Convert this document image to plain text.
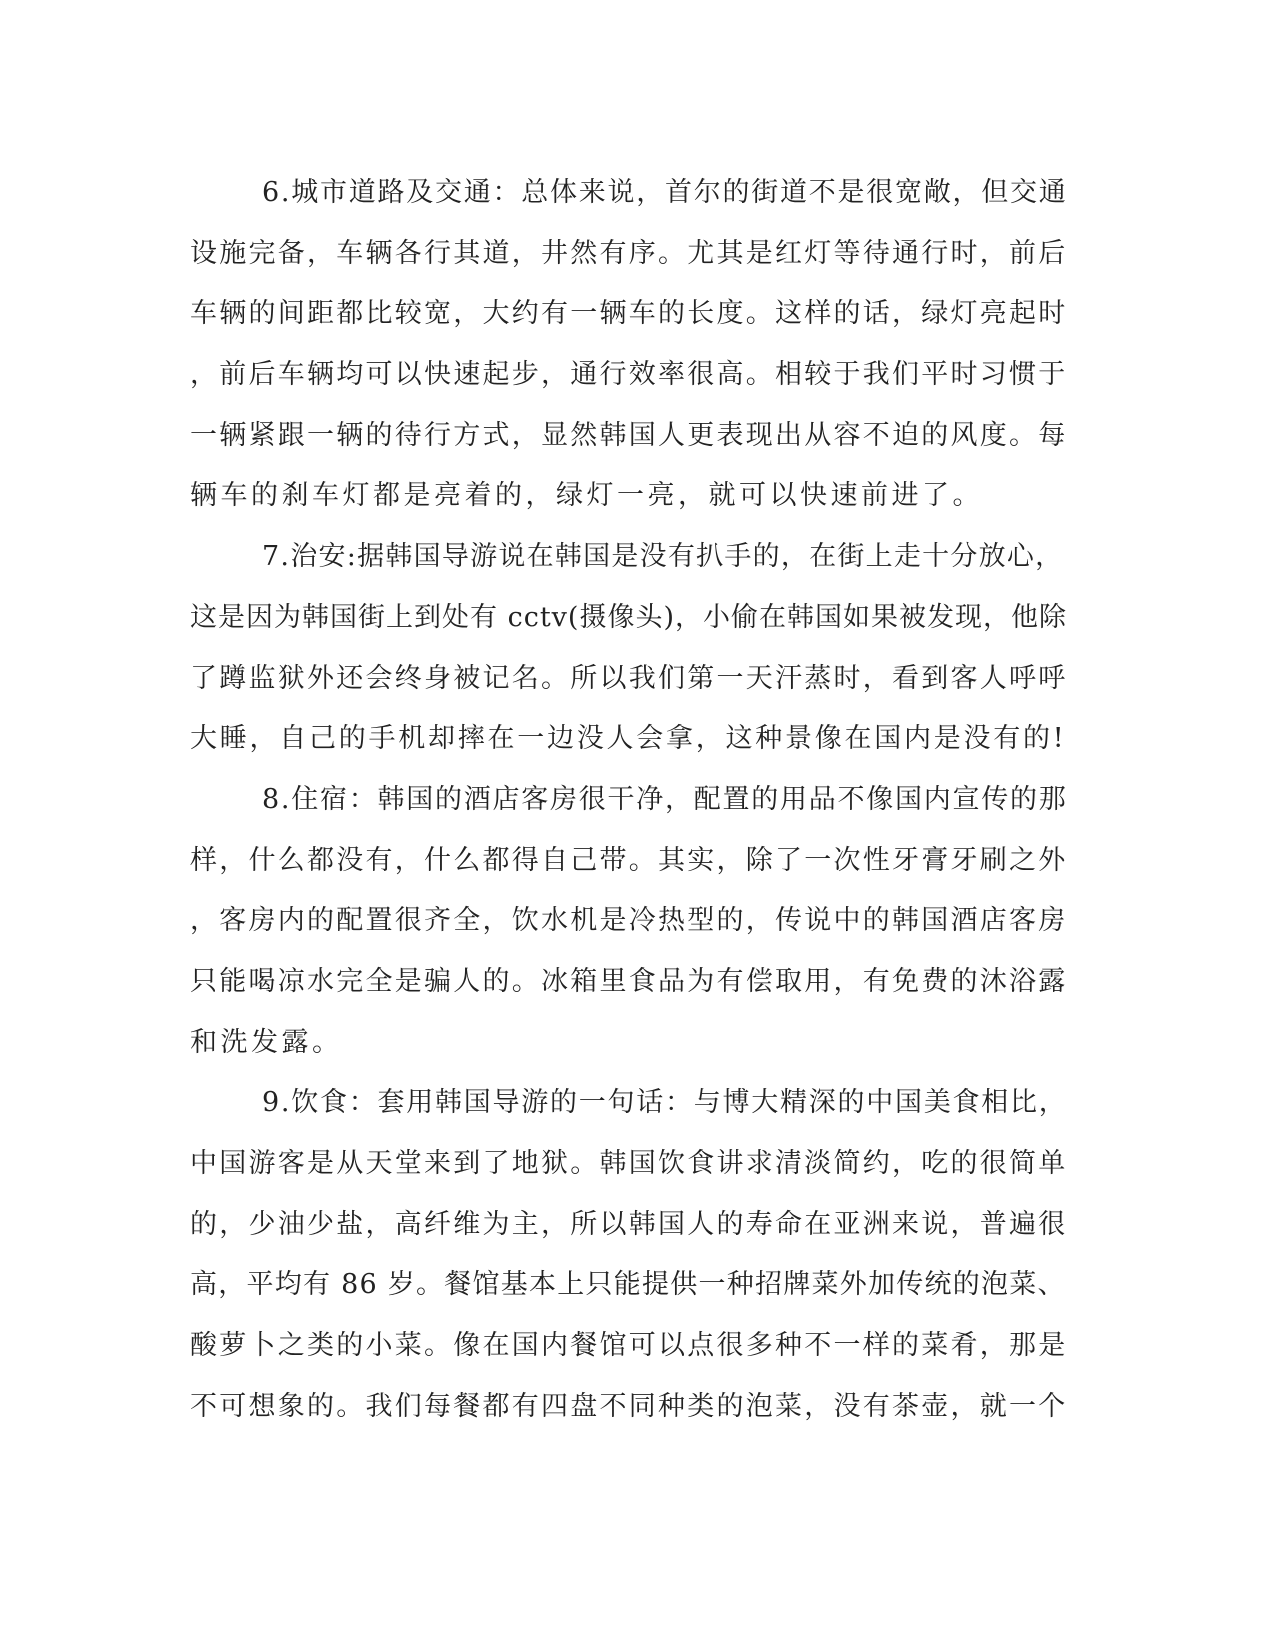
6.城市道路及交通：总体来说，首尔的街道不是很宽敞，但交通
设施完备，车辆各行其道，井然有序。尤其是红灯等待通行时，前后
车辆的间距都比较宽，大约有一辆车的长度。这样的话，绿灯亮起时
，前后车辆均可以快速起步，通行效率很高。相较于我们平时习惯于
一辆紧跟一辆的待行方式，显然韩国人更表现出从容不迫的风度。每
辆车的刹车灯都是亮着的，绿灯一亮，就可以快速前进了。
7.治安:据韩国导游说在韩国是没有扒手的，在街上走十分放心，
这是因为韩国街上到处有 cctv(摄像头)，小偷在韩国如果被发现，他除
了蹲监狱外还会终身被记名。所以我们第一天汗蒸时，看到客人呼呼
大睡，自己的手机却摔在一边没人会拿，这种景像在国内是没有的!
8.住宿：韩国的酒店客房很干净，配置的用品不像国内宣传的那
样，什么都没有，什么都得自己带。其实，除了一次性牙膏牙刷之外
，客房内的配置很齐全，饮水机是冷热型的，传说中的韩国酒店客房
只能喝凉水完全是骗人的。冰箱里食品为有偿取用，有免费的沐浴露
和洗发露。
9.饮食：套用韩国导游的一句话：与博大精深的中国美食相比，
中国游客是从天堂来到了地狱。韩国饮食讲求清淡简约，吃的很简单
的，少油少盐，高纤维为主，所以韩国人的寿命在亚洲来说，普遍很
高，平均有 86 岁。餐馆基本上只能提供一种招牌菜外加传统的泡菜、
酸萝卜之类的小菜。像在国内餐馆可以点很多种不一样的菜肴，那是
不可想象的。我们每餐都有四盘不同种类的泡菜，没有茶壶，就一个
